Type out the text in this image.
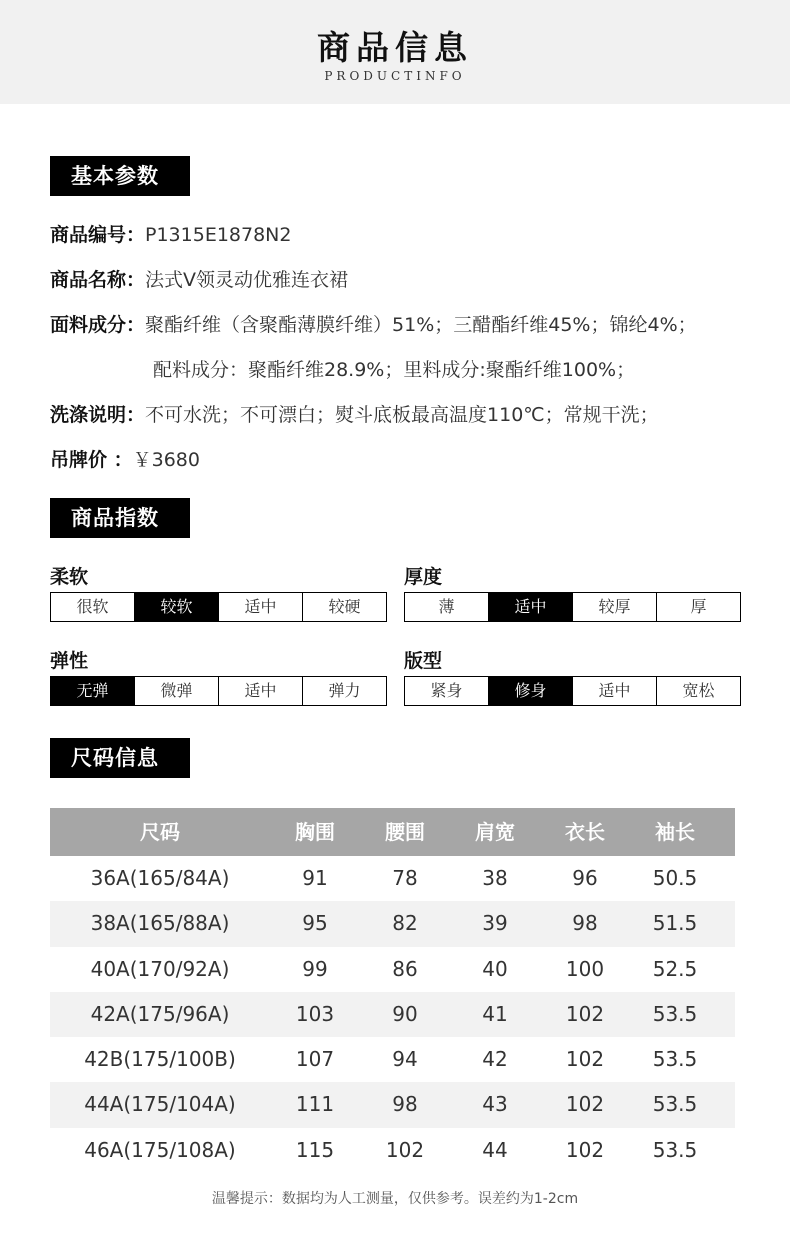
商品信息
PRODUCTINFO
基本参数
商品编号：P1315E1878N2
商品名称：法式V领灵动优雅连衣裙
面料成分：聚酯纤维（含聚酯薄膜纤维）51%；三醋酯纤维45%；锦纶4%；
配料成分：聚酯纤维28.9%；里料成分:聚酯纤维100%；
洗涤说明：不可水洗；不可漂白；熨斗底板最高温度110℃；常规干洗；
吊牌价 ：￥3680
商品指数
柔软
很软	较软	适中	较硬
厚度
薄	适中	较厚	厚
弹性
无弹	微弹	适中	弹力
版型
紧身	修身	适中	宽松
尺码信息
尺码	胸围	腰围	肩宽	衣长	袖长
36A(165/84A)	91	78	38	96	50.5
38A(165/88A)	95	82	39	98	51.5
40A(170/92A)	99	86	40	100	52.5
42A(175/96A)	103	90	41	102	53.5
42B(175/100B)	107	94	42	102	53.5
44A(175/104A)	111	98	43	102	53.5
46A(175/108A)	115	102	44	102	53.5
温馨提示：数据均为人工测量，仅供参考。误差约为1-2cm
